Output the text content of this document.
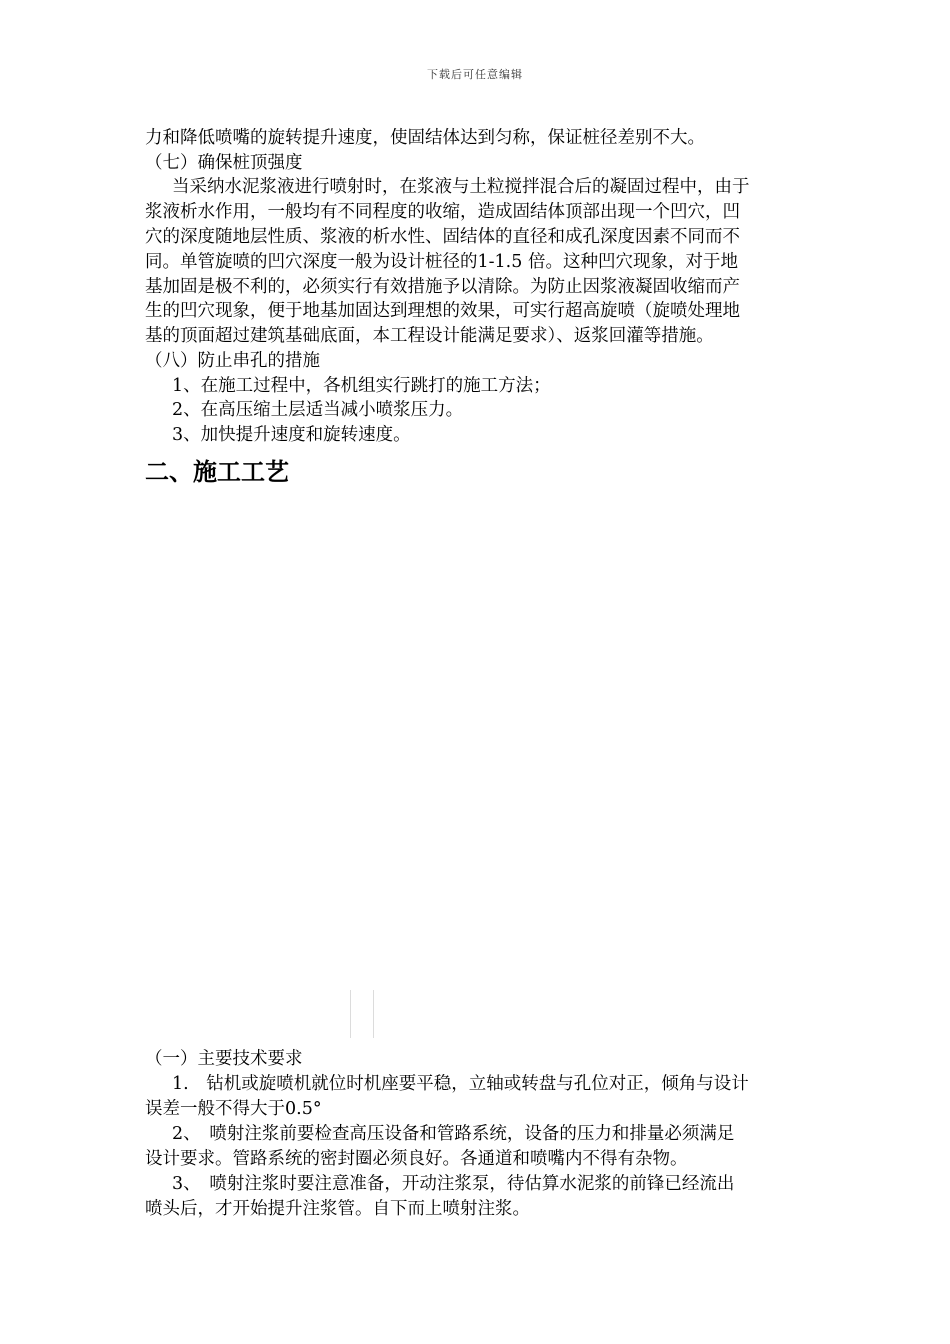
下载后可任意编辑
力和降低喷嘴的旋转提升速度，使固结体达到匀称，保证桩径差别不大。
（七）确保桩顶强度
当采纳水泥浆液进行喷射时，在浆液与土粒搅拌混合后的凝固过程中，由于
浆液析水作用，一般均有不同程度的收缩，造成固结体顶部出现一个凹穴，凹
穴的深度随地层性质、浆液的析水性、固结体的直径和成孔深度因素不同而不
同。单管旋喷的凹穴深度一般为设计桩径的1-1.5 倍。这种凹穴现象，对于地
基加固是极不利的，必须实行有效措施予以清除。为防止因浆液凝固收缩而产
生的凹穴现象，便于地基加固达到理想的效果，可实行超高旋喷（旋喷处理地
基的顶面超过建筑基础底面，本工程设计能满足要求）、返浆回灌等措施。
（八）防止串孔的措施
1、在施工过程中，各机组实行跳打的施工方法；
2、在高压缩土层适当减小喷浆压力。
3、加快提升速度和旋转速度。
二、施工工艺
（一）主要技术要求
1.　钻机或旋喷机就位时机座要平稳，立轴或转盘与孔位对正，倾角与设计
误差一般不得大于0.5°
2、　喷射注浆前要检查高压设备和管路系统，设备的压力和排量必须满足
设计要求。管路系统的密封圈必须良好。各通道和喷嘴内不得有杂物。
3、　喷射注浆时要注意准备，开动注浆泵，待估算水泥浆的前锋已经流出
喷头后，才开始提升注浆管。自下而上喷射注浆。
